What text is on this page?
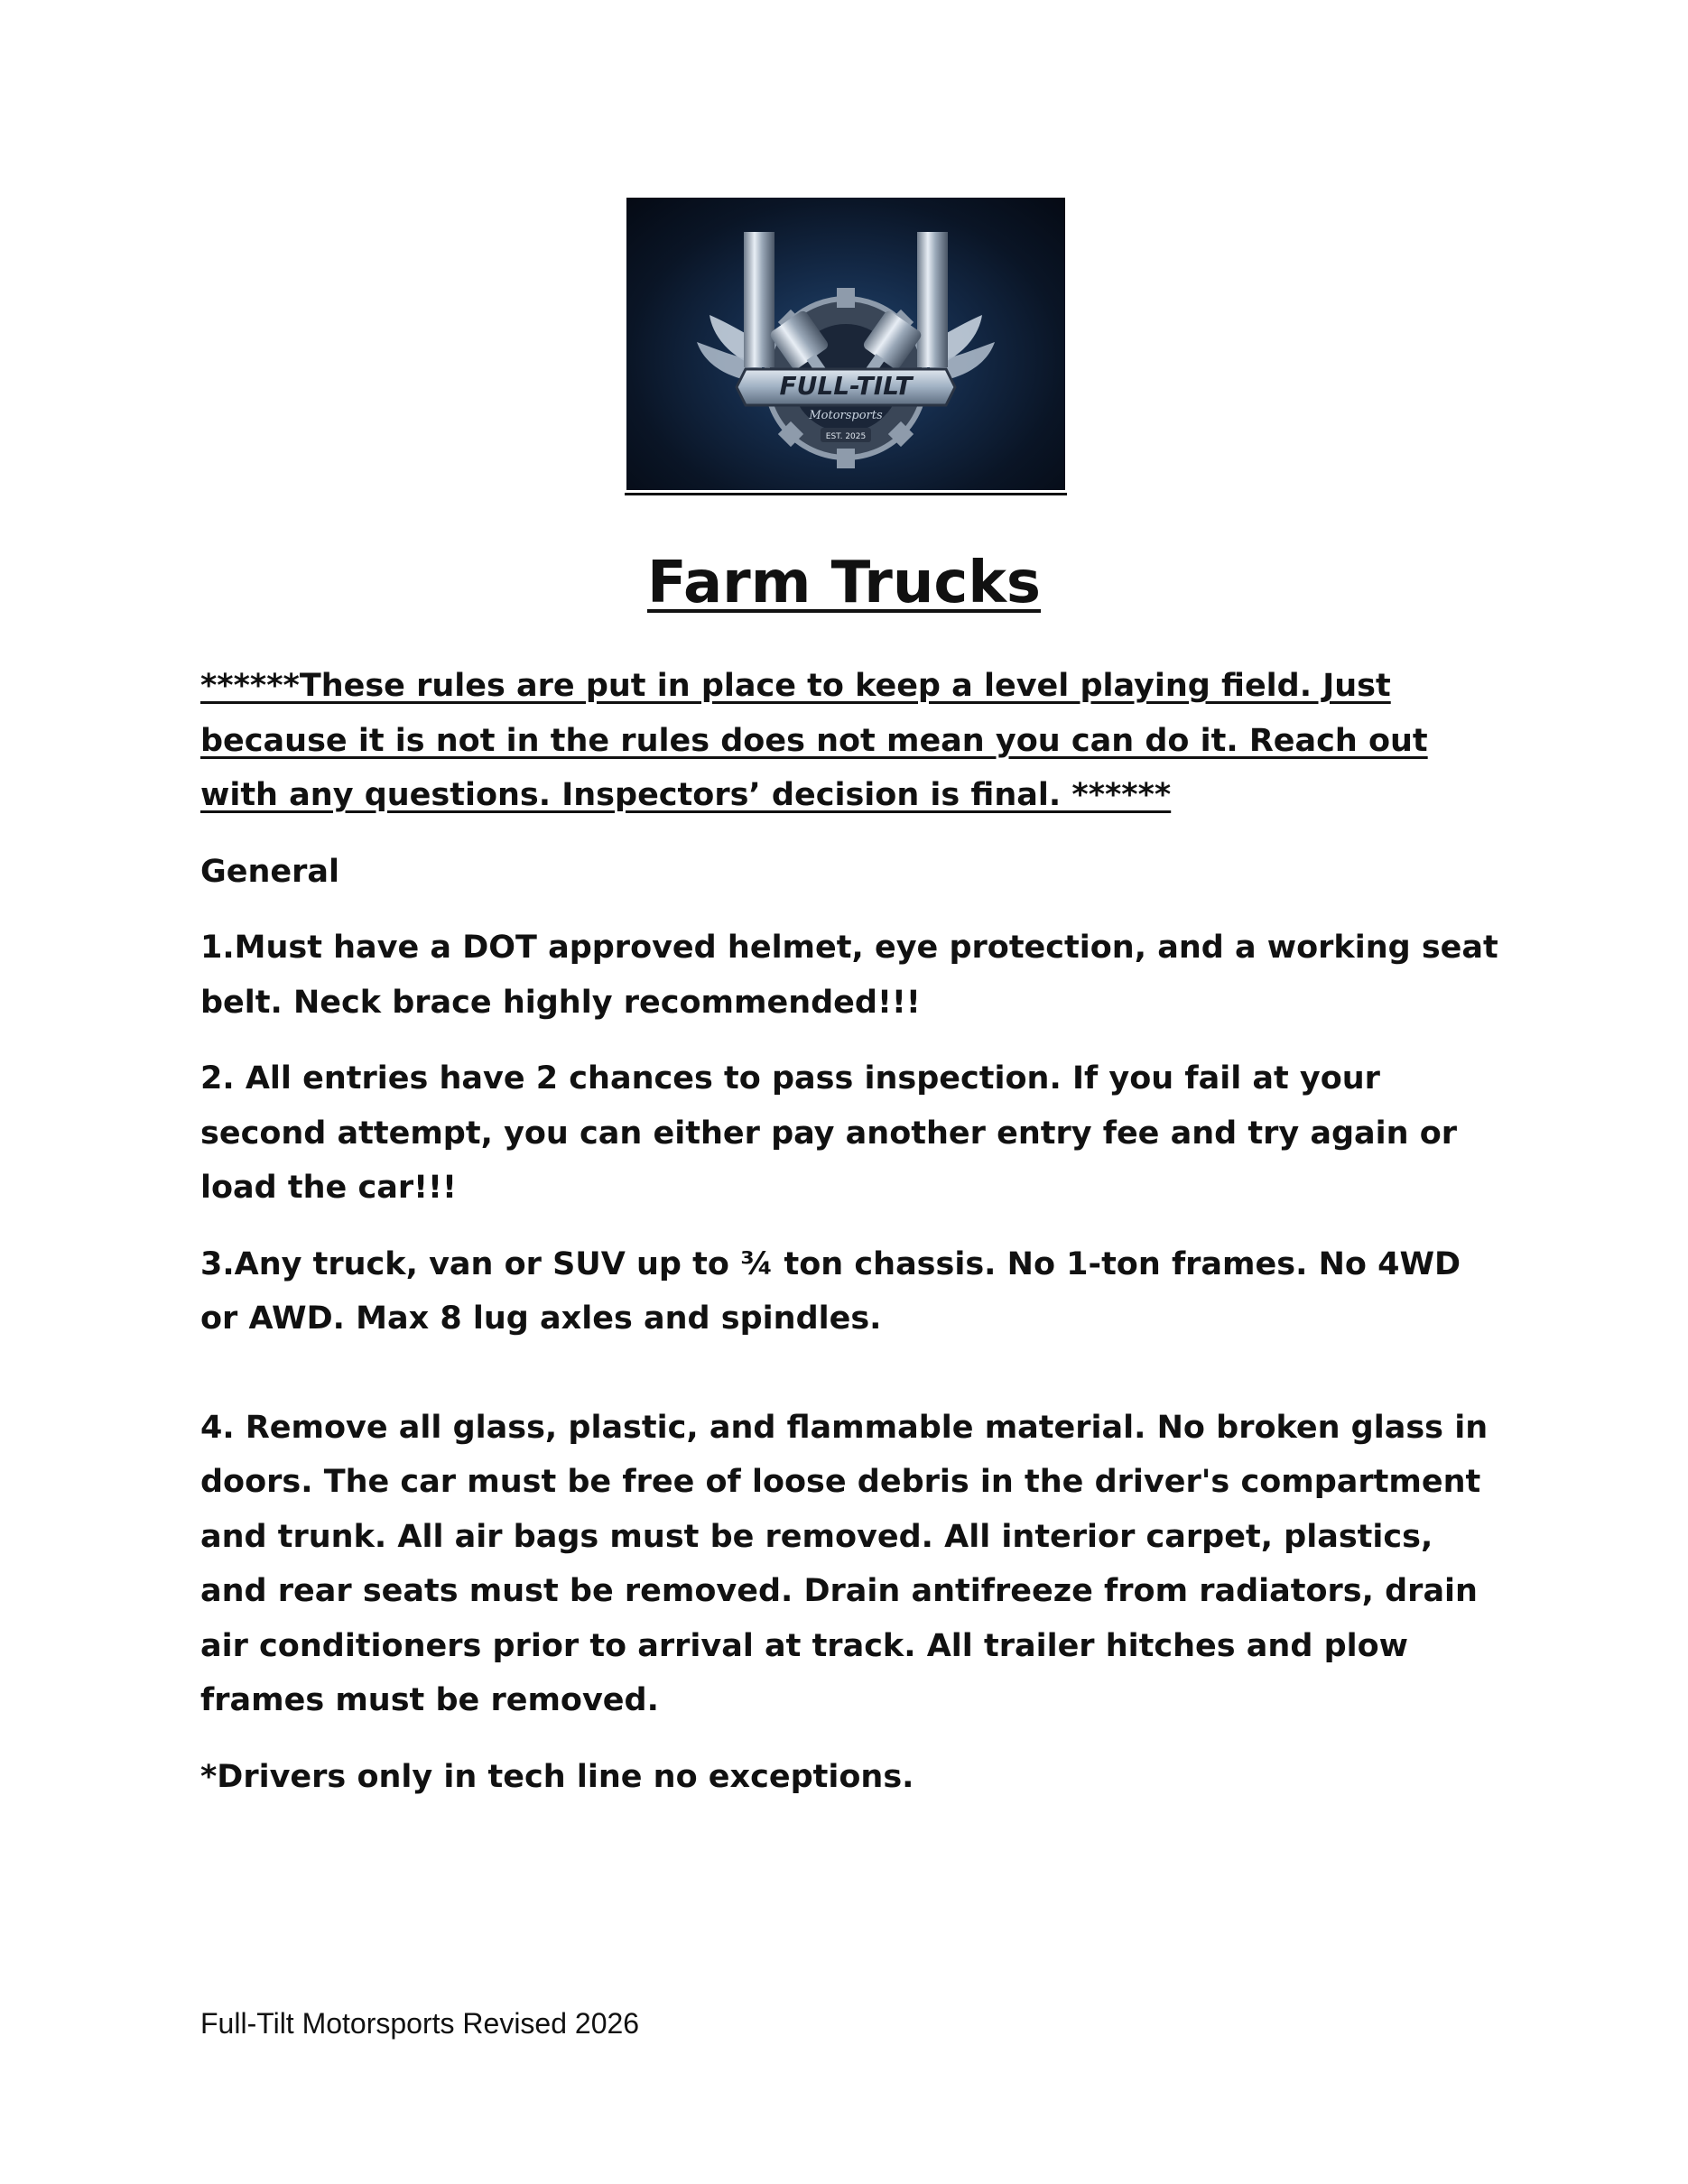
FULL-TILT
Motorsports
EST. 2025
Farm Trucks

******These rules are put in place to keep a level playing field. Just because it is not in the rules does not mean you can do it. Reach out with any questions. Inspectors’ decision is final. ******

General

1.Must have a DOT approved helmet, eye protection, and a working seat belt. Neck brace highly recommended!!!

2. All entries have 2 chances to pass inspection. If you fail at your second attempt, you can either pay another entry fee and try again or load the car!!!

3.Any truck, van or SUV up to ¾ ton chassis. No 1-ton frames. No 4WD or AWD. Max 8 lug axles and spindles.

4. Remove all glass, plastic, and flammable material. No broken glass in doors. The car must be free of loose debris in the driver's compartment and trunk. All air bags must be removed. All interior carpet, plastics, and rear seats must be removed. Drain antifreeze from radiators, drain air conditioners prior to arrival at track. All trailer hitches and plow frames must be removed.

*Drivers only in tech line no exceptions.

Full-Tilt Motorsports Revised 2026
